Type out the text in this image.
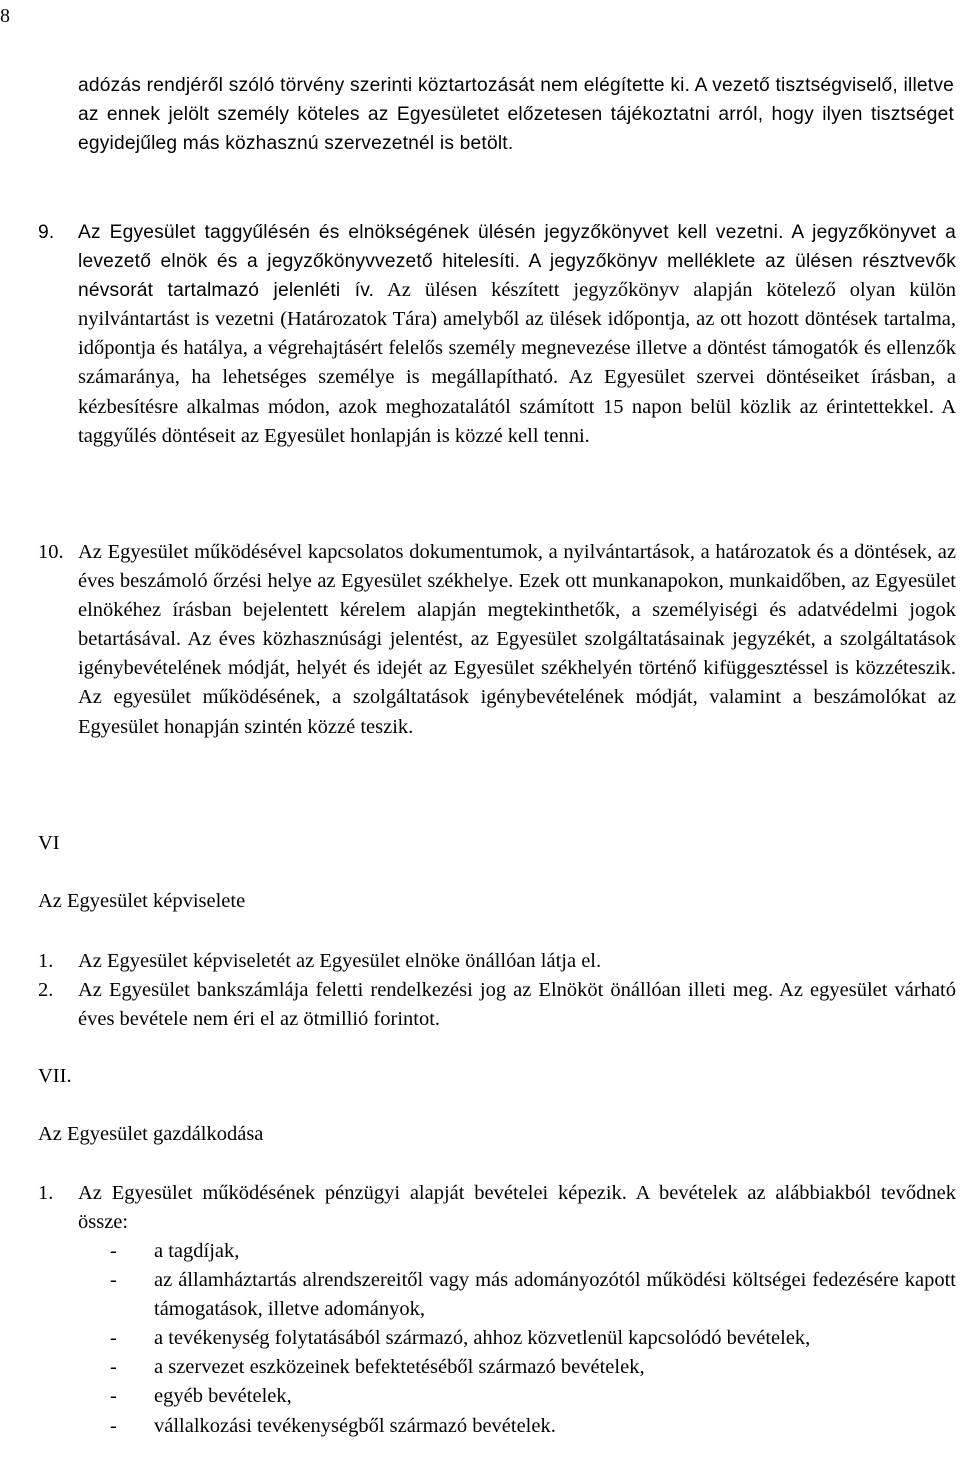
8

adózás rendjéről szóló törvény szerinti köztartozását nem elégítette ki. A vezető tisztségviselő, illetve az ennek jelölt személy köteles az Egyesületet előzetesen tájékoztatni arról, hogy ilyen tisztséget egyidejűleg más közhasznú szervezetnél is betölt.

9. Az Egyesület taggyűlésén és elnökségének ülésén jegyzőkönyvet kell vezetni. A jegyzőkönyvet a levezető elnök és a jegyzőkönyvvezető hitelesíti. A jegyzőkönyv melléklete az ülésen résztvevők névsorát tartalmazó jelenléti ív. Az ülésen készített jegyzőkönyv alapján kötelező olyan külön nyilvántartást is vezetni (Határozatok Tára) amelyből az ülések időpontja, az ott hozott döntések tartalma, időpontja és hatálya, a végrehajtásért felelős személy megnevezése illetve a döntést támogatók és ellenzők számaránya, ha lehetséges személye is megállapítható. Az Egyesület szervei döntéseiket írásban, a kézbesítésre alkalmas módon, azok meghozatalától számított 15 napon belül közlik az érintettekkel. A taggyűlés döntéseit az Egyesület honlapján is közzé kell tenni.

10. Az Egyesület működésével kapcsolatos dokumentumok, a nyilvántartások, a határozatok és a döntések, az éves beszámoló őrzési helye az Egyesület székhelye. Ezek ott munkanapokon, munkaidőben, az Egyesület elnökéhez írásban bejelentett kérelem alapján megtekinthetők, a személyiségi és adatvédelmi jogok betartásával. Az éves közhasznúsági jelentést, az Egyesület szolgáltatásainak jegyzékét, a szolgáltatások igénybevételének módját, helyét és idejét az Egyesület székhelyén történő kifüggesztéssel is közzéteszik. Az egyesület működésének, a szolgáltatások igénybevételének módját, valamint a beszámolókat az Egyesület honapján szintén közzé teszik.

VI
Az Egyesület képviselete
1. Az Egyesület képviseletét az Egyesület elnöke önállóan látja el.

2. Az Egyesület bankszámlája feletti rendelkezési jog az Elnököt önállóan illeti meg. Az egyesület várható éves bevétele nem éri el az ötmillió forintot.

VII.
Az Egyesület gazdálkodása
1. Az Egyesület működésének pénzügyi alapját bevételei képezik. A bevételek az alábbiakból tevődnek össze:

- a tagdíjak,
- az államháztartás alrendszereitől vagy más adományozótól működési költségei fedezésére kapott támogatások, illetve adományok,
- a tevékenység folytatásából származó, ahhoz közvetlenül kapcsolódó bevételek,
- a szervezet eszközeinek befektetéséből származó bevételek,
- egyéb bevételek,
- vállalkozási tevékenységből származó bevételek.
